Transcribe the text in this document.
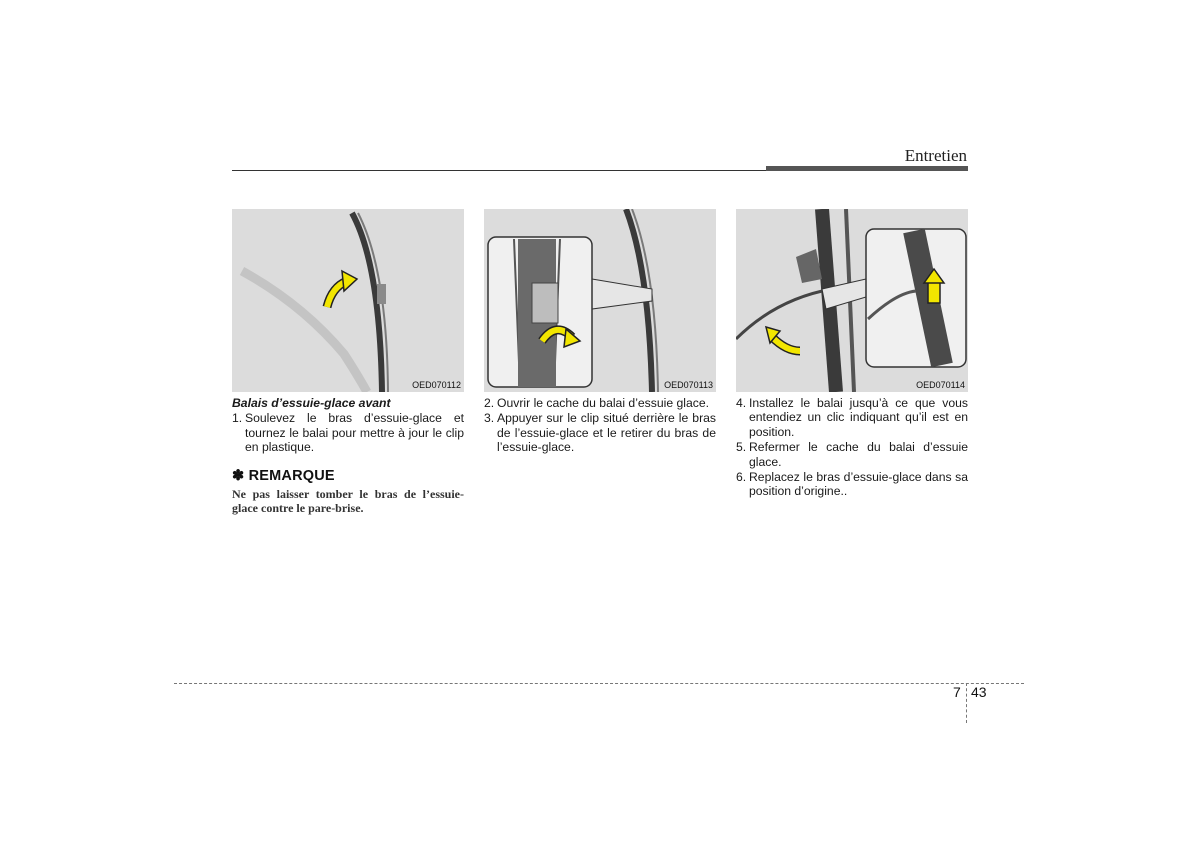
Entretien
OED070112	OED070113	OED070114
Balais d’essuie-glace avant
1. Soulevez le bras d’essuie-glace et tournez le balai pour mettre à jour le clip en plastique.
✽ REMARQUE
Ne pas laisser tomber le bras de l’essuie-glace contre le pare-brise.
2. Ouvrir le cache du balai d’essuie glace.
3. Appuyer sur le clip situé derrière le bras de l’essuie-glace et le retirer du bras de l’essuie-glace.
4. Installez le balai jusqu’à ce que vous entendiez un clic indiquant qu’il est en position.
5. Refermer le cache du balai d’essuie glace.
6. Replacez le bras d’essuie-glace dans sa position d’origine..
7 43
